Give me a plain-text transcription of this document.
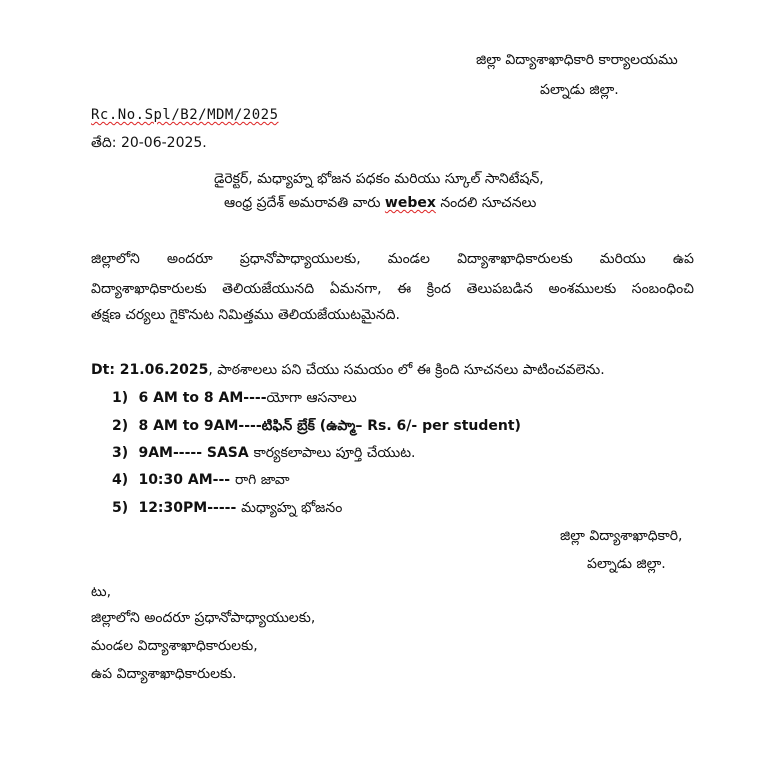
జిల్లా విద్యాశాఖాధికారి కార్యాలయము
పల్నాడు జిల్లా.
Rc.No.Spl/B2/MDM/2025
తేది: 20-06-2025.
డైరెక్టర్, మధ్యాహ్న భోజన పధకం మరియు స్కూల్ సానిటేషన్,
ఆంధ్ర ప్రదేశ్ అమరావతి వారు webex నందలి సూచనలు
జిల్లాలోని అందరూ ప్రధానోపాధ్యాయులకు, మండల విద్యాశాఖాధికారులకు మరియు ఉప
విద్యాశాఖాధికారులకు తెలియజేయునది ఏమనగా, ఈ క్రింద తెలుపబడిన అంశములకు సంబంధించి
తక్షణ చర్యలు గైకొనుట నిమిత్తము తెలియజేయుటమైనది.
Dt: 21.06.2025, పాఠశాలలు పని చేయు సమయం లో ఈ క్రింది సూచనలు పాటించవలెను.
1) 6 AM to 8 AM----యోగా ఆసనాలు
2) 8 AM to 9AM----టిఫిన్ బ్రేక్ (ఉప్మా– Rs. 6/- per student)
3) 9AM----- SASA కార్యకలాపాలు పూర్తి చేయుట.
4) 10:30 AM--- రాగి జావా
5) 12:30PM----- మధ్యాహ్న భోజనం
జిల్లా విద్యాశాఖాధికారి,
పల్నాడు జిల్లా.
టు,
జిల్లాలోని అందరూ ప్రధానోపాధ్యాయులకు,
మండల విద్యాశాఖాధికారులకు,
ఉప విద్యాశాఖాధికారులకు.
